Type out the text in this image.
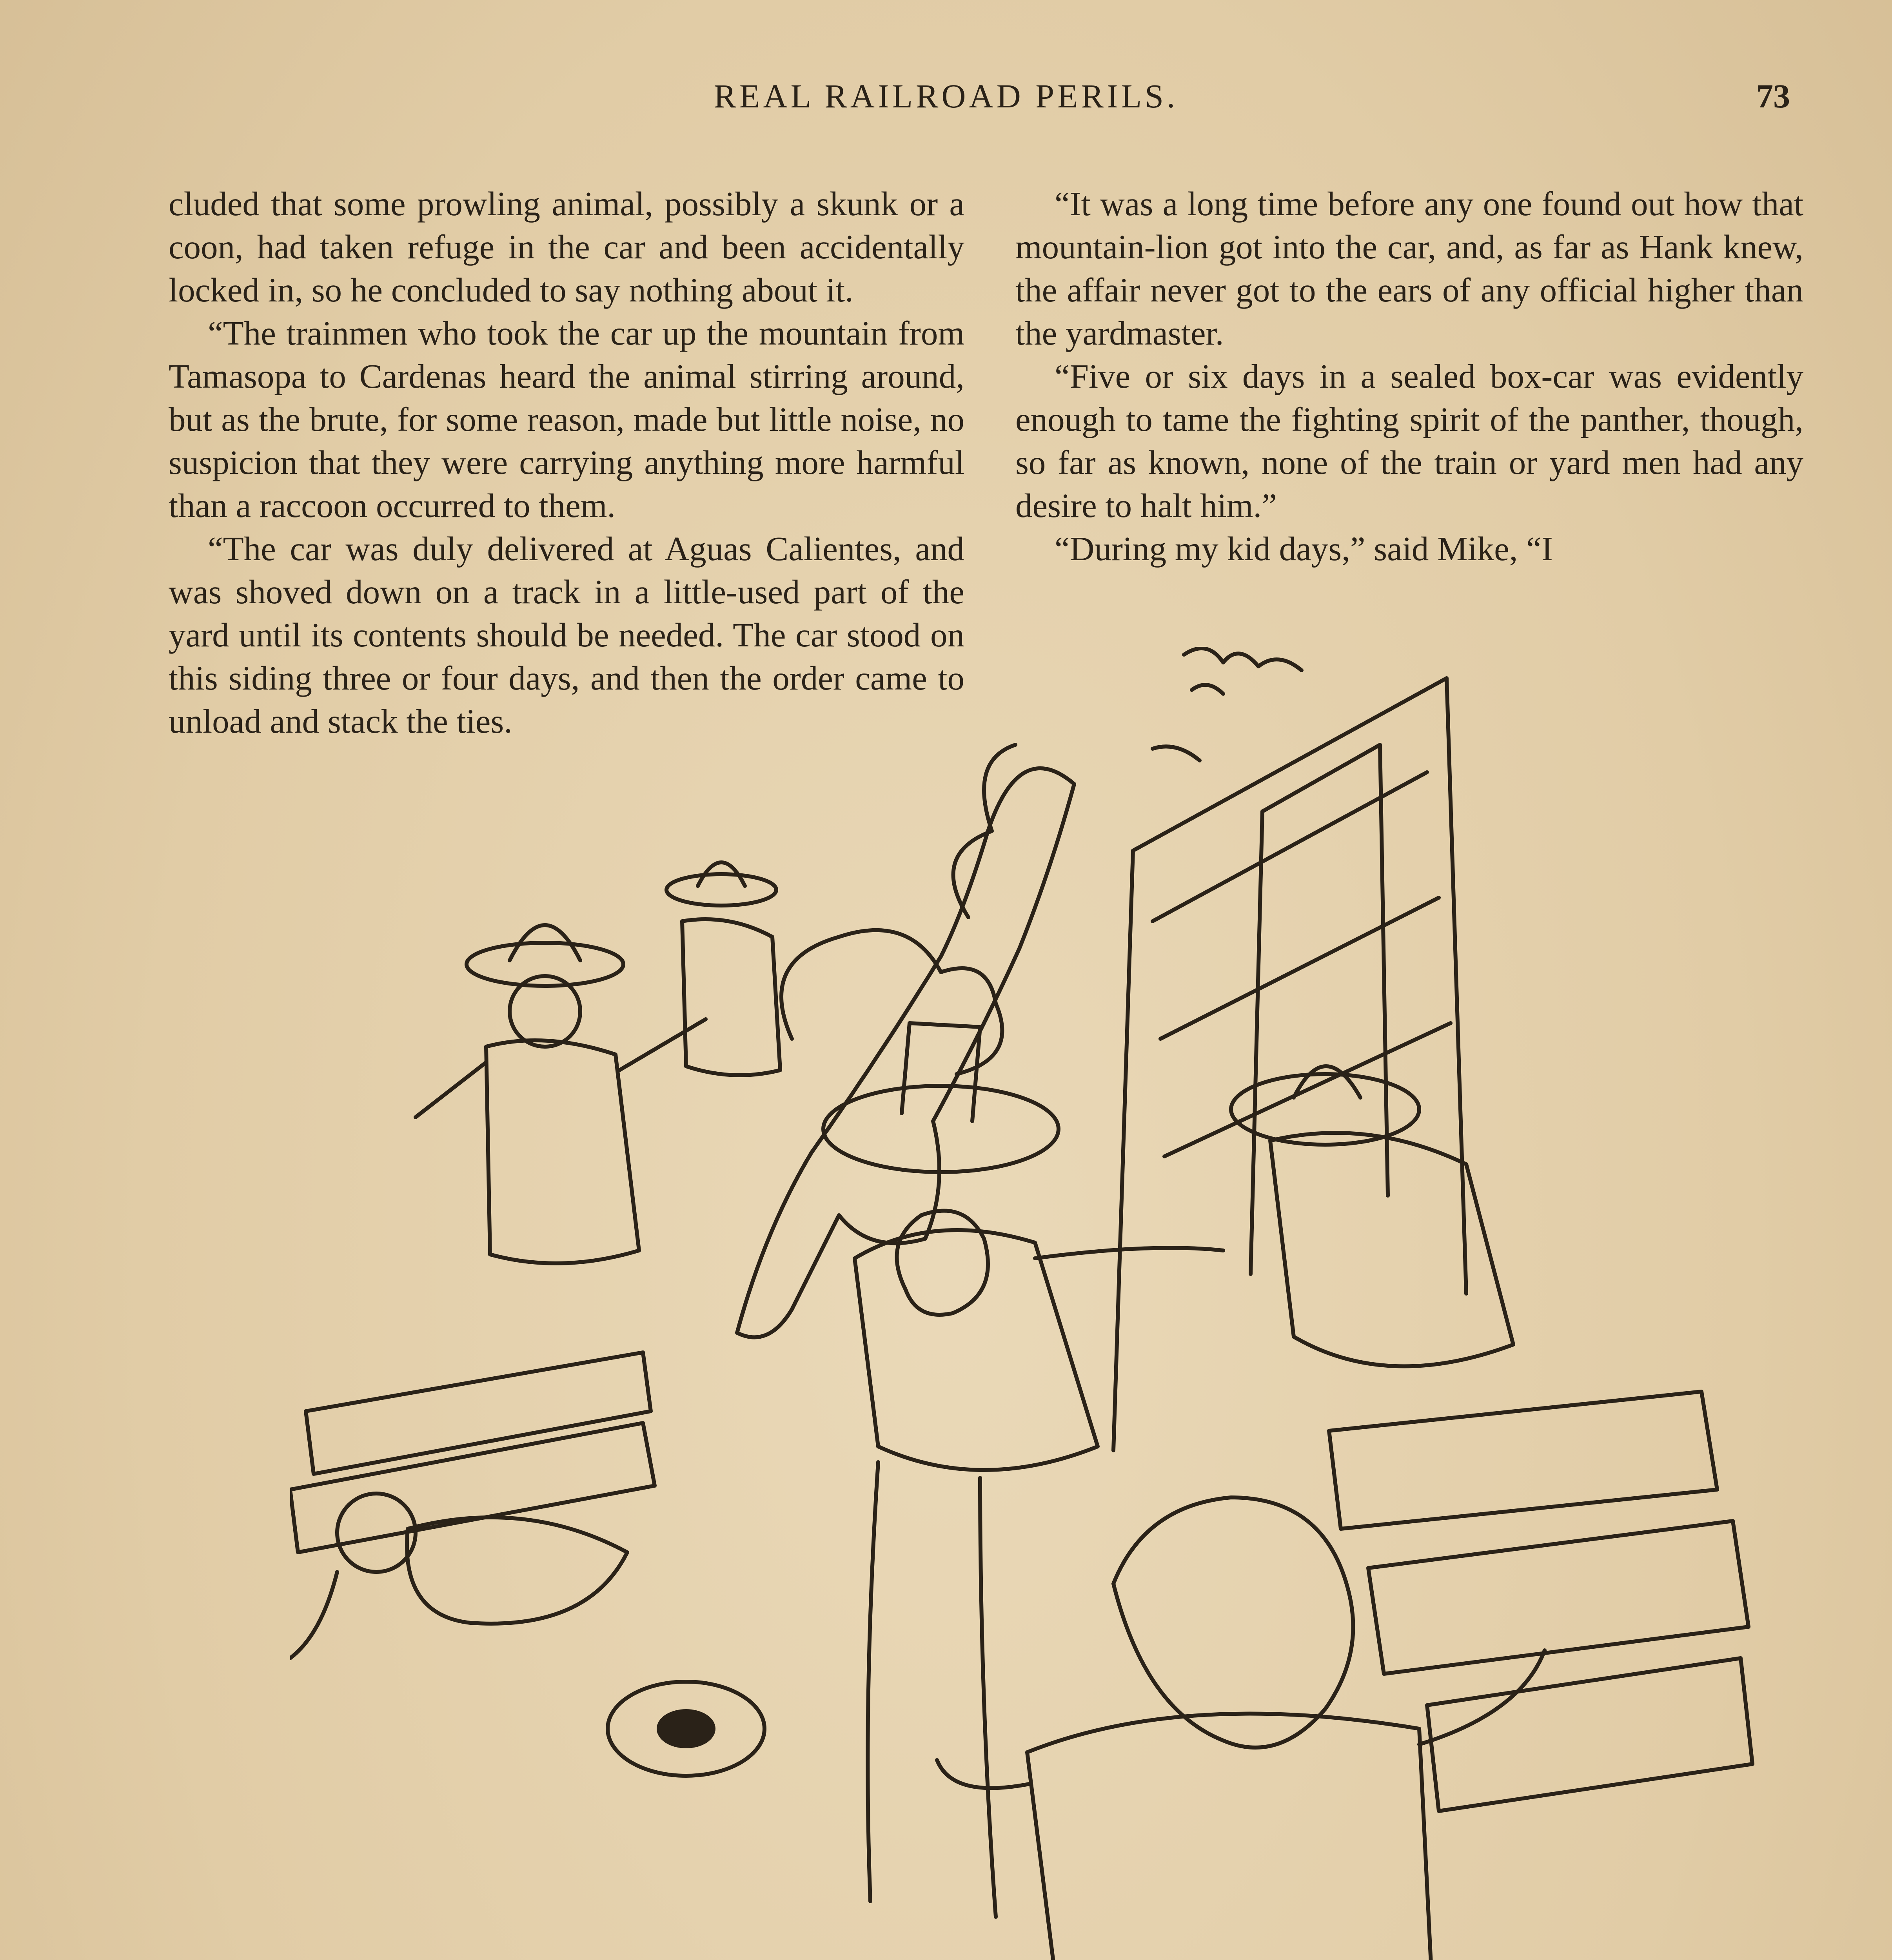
REAL RAILROAD PERILS.	73

cluded that some prowling animal, possibly a skunk or a coon, had taken refuge in the car and been accidentally locked in, so he concluded to say nothing about it.

“The trainmen who took the car up the mountain from Tamasopa to Cardenas heard the animal stirring around, but as the brute, for some reason, made but little noise, no suspicion that they were carrying anything more harmful than a raccoon occurred to them.

“The car was duly delivered at Aguas Calientes, and was shoved down on a track in a little-used part of the yard until its contents should be needed. The car stood on this siding three or four days, and then the order came to unload and stack the ties.

“It was a long time before any one found out how that mountain-lion got into the car, and, as far as Hank knew, the affair never got to the ears of any official higher than the yardmaster.

“Five or six days in a sealed box-car was evidently enough to tame the fighting spirit of the panther, though, so far as known, none of the train or yard men had any desire to halt him.”

“During my kid days,” said Mike, “I
